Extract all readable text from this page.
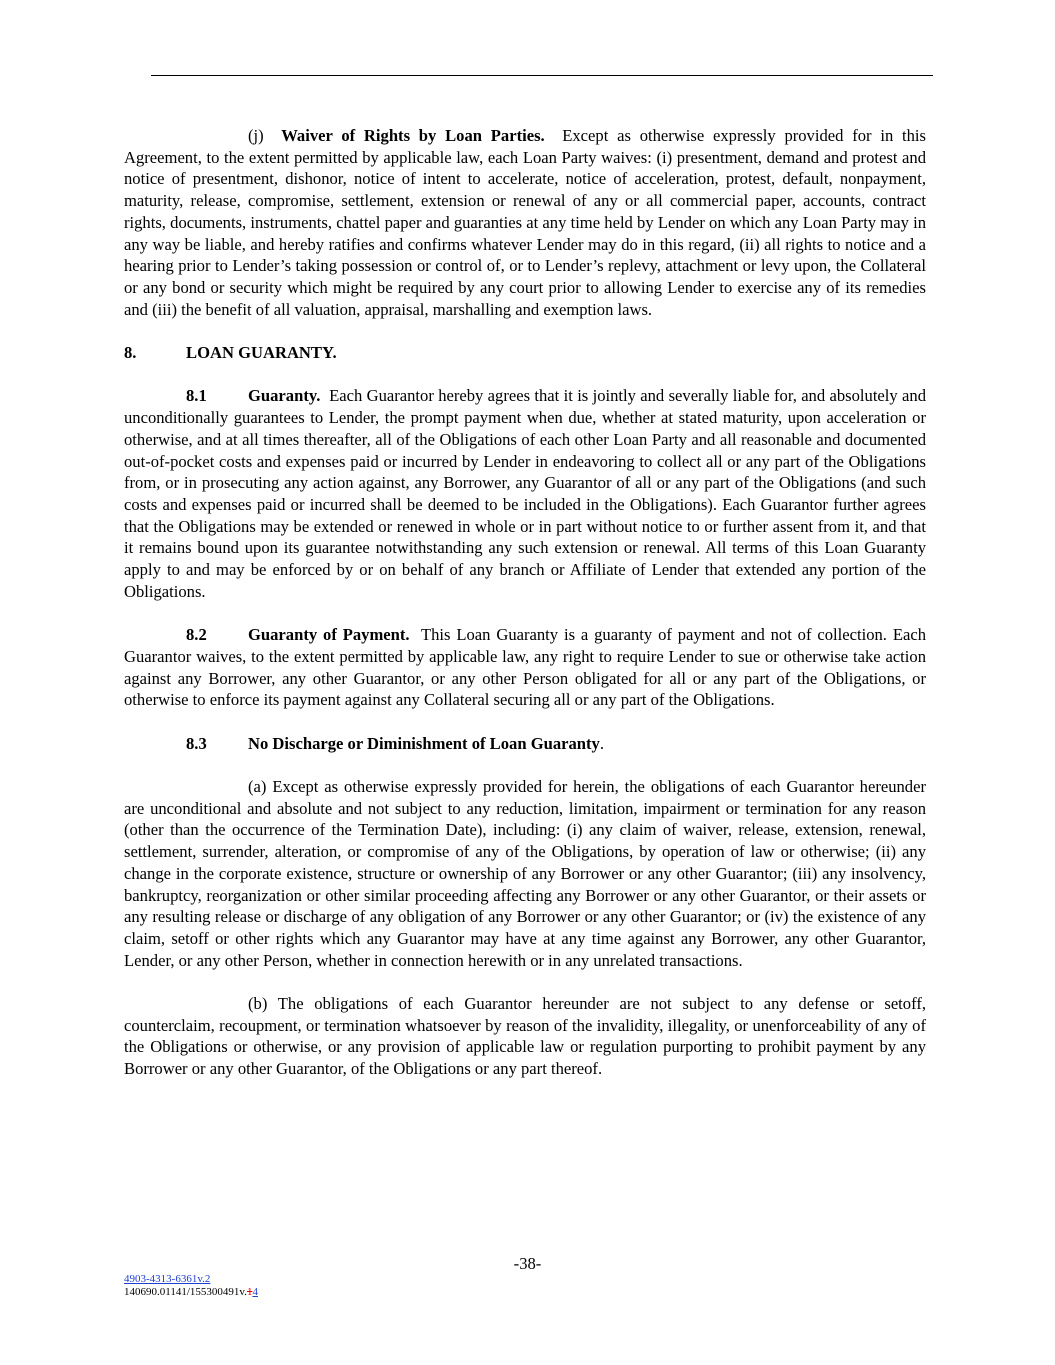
(j) Waiver of Rights by Loan Parties. Except as otherwise expressly provided for in this Agreement, to the extent permitted by applicable law, each Loan Party waives: (i) presentment, demand and protest and notice of presentment, dishonor, notice of intent to accelerate, notice of acceleration, protest, default, nonpayment, maturity, release, compromise, settlement, extension or renewal of any or all commercial paper, accounts, contract rights, documents, instruments, chattel paper and guaranties at any time held by Lender on which any Loan Party may in any way be liable, and hereby ratifies and confirms whatever Lender may do in this regard, (ii) all rights to notice and a hearing prior to Lender’s taking possession or control of, or to Lender’s replevy, attachment or levy upon, the Collateral or any bond or security which might be required by any court prior to allowing Lender to exercise any of its remedies and (iii) the benefit of all valuation, appraisal, marshalling and exemption laws.

8.	LOAN GUARANTY.

8.1 Guaranty. Each Guarantor hereby agrees that it is jointly and severally liable for, and absolutely and unconditionally guarantees to Lender, the prompt payment when due, whether at stated maturity, upon acceleration or otherwise, and at all times thereafter, all of the Obligations of each other Loan Party and all reasonable and documented out-of-pocket costs and expenses paid or incurred by Lender in endeavoring to collect all or any part of the Obligations from, or in prosecuting any action against, any Borrower, any Guarantor of all or any part of the Obligations (and such costs and expenses paid or incurred shall be deemed to be included in the Obligations). Each Guarantor further agrees that the Obligations may be extended or renewed in whole or in part without notice to or further assent from it, and that it remains bound upon its guarantee notwithstanding any such extension or renewal. All terms of this Loan Guaranty apply to and may be enforced by or on behalf of any branch or Affiliate of Lender that extended any portion of the Obligations.

8.2 Guaranty of Payment. This Loan Guaranty is a guaranty of payment and not of collection. Each Guarantor waives, to the extent permitted by applicable law, any right to require Lender to sue or otherwise take action against any Borrower, any other Guarantor, or any other Person obligated for all or any part of the Obligations, or otherwise to enforce its payment against any Collateral securing all or any part of the Obligations.

8.3 No Discharge or Diminishment of Loan Guaranty.

(a) Except as otherwise expressly provided for herein, the obligations of each Guarantor hereunder are unconditional and absolute and not subject to any reduction, limitation, impairment or termination for any reason (other than the occurrence of the Termination Date), including: (i) any claim of waiver, release, extension, renewal, settlement, surrender, alteration, or compromise of any of the Obligations, by operation of law or otherwise; (ii) any change in the corporate existence, structure or ownership of any Borrower or any other Guarantor; (iii) any insolvency, bankruptcy, reorganization or other similar proceeding affecting any Borrower or any other Guarantor, or their assets or any resulting release or discharge of any obligation of any Borrower or any other Guarantor; or (iv) the existence of any claim, setoff or other rights which any Guarantor may have at any time against any Borrower, any other Guarantor, Lender, or any other Person, whether in connection herewith or in any unrelated transactions.

(b) The obligations of each Guarantor hereunder are not subject to any defense or setoff, counterclaim, recoupment, or termination whatsoever by reason of the invalidity, illegality, or unenforceability of any of the Obligations or otherwise, or any provision of applicable law or regulation purporting to prohibit payment by any Borrower or any other Guarantor, of the Obligations or any part thereof.

-38-
4903-4313-6361v.2
140690.01141/155300491v.14
